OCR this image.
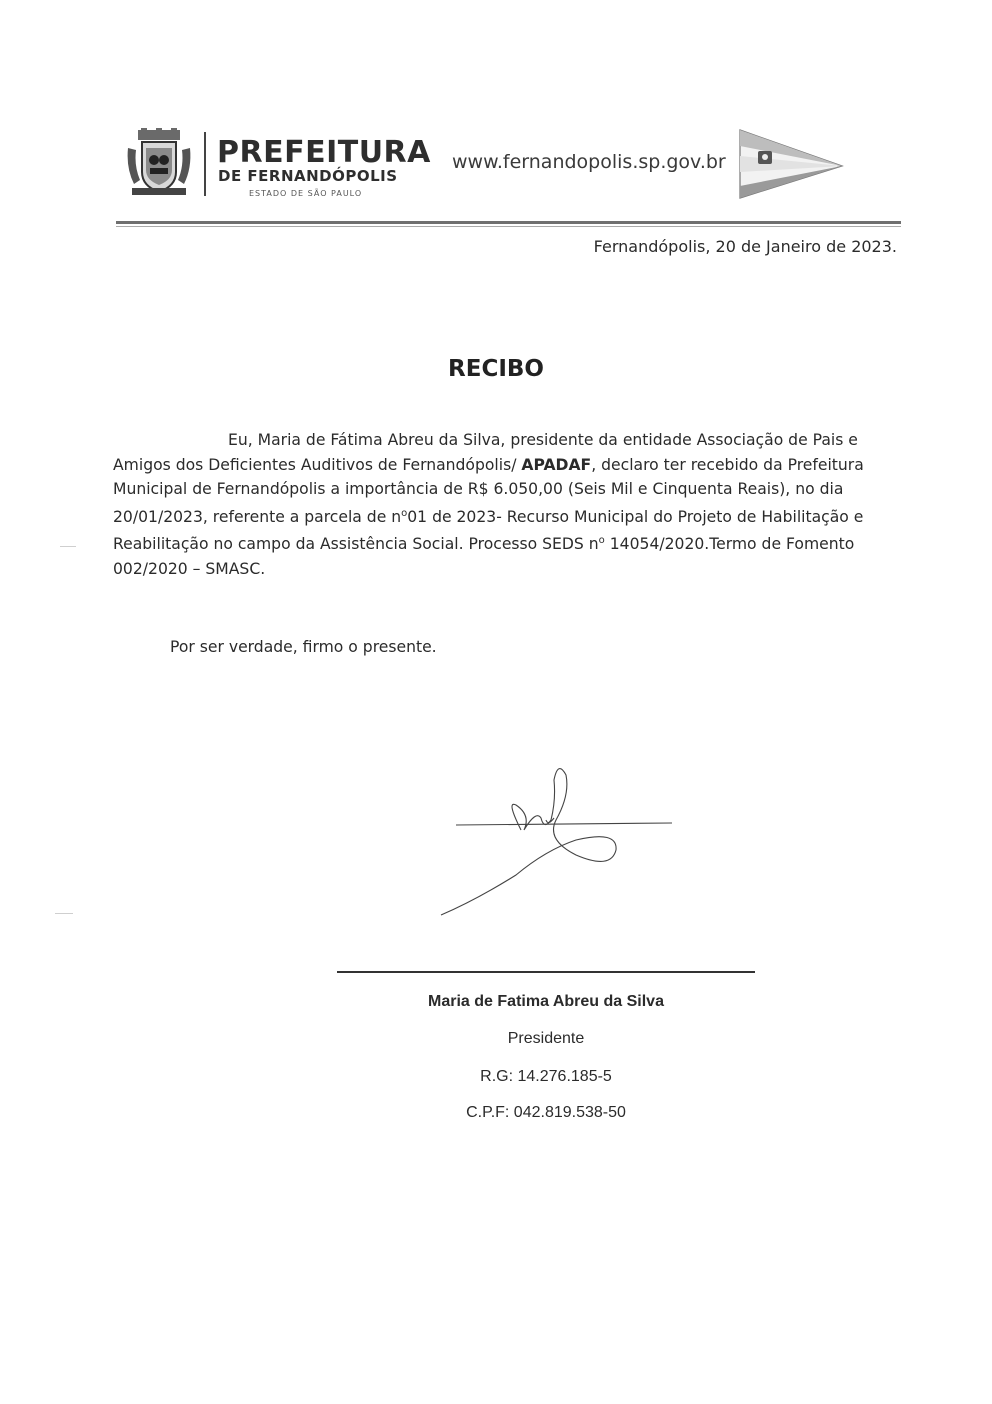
PREFEITURA
DE FERNANDÓPOLIS
ESTADO DE SÃO PAULO
www.fernandopolis.sp.gov.br
Fernandópolis, 20 de Janeiro de 2023.
RECIBO
Eu, Maria de Fátima Abreu da Silva, presidente da entidade Associação de Pais e Amigos dos Deficientes Auditivos de Fernandópolis/ APADAF, declaro ter recebido da Prefeitura Municipal de Fernandópolis a importância de R$ 6.050,00 (Seis Mil e Cinquenta Reais), no dia 20/01/2023, referente a parcela de $n^o01$ de 2023- Recurso Municipal do Projeto de Habilitação e Reabilitação no campo da Assistência Social. Processo SEDS $n^o$ 14054/2020.Termo de Fomento 002/2020 – SMASC.
Por ser verdade, firmo o presente.
Maria de Fatima Abreu da Silva
Presidente
R.G: 14.276.185-5
C.P.F: 042.819.538-50
